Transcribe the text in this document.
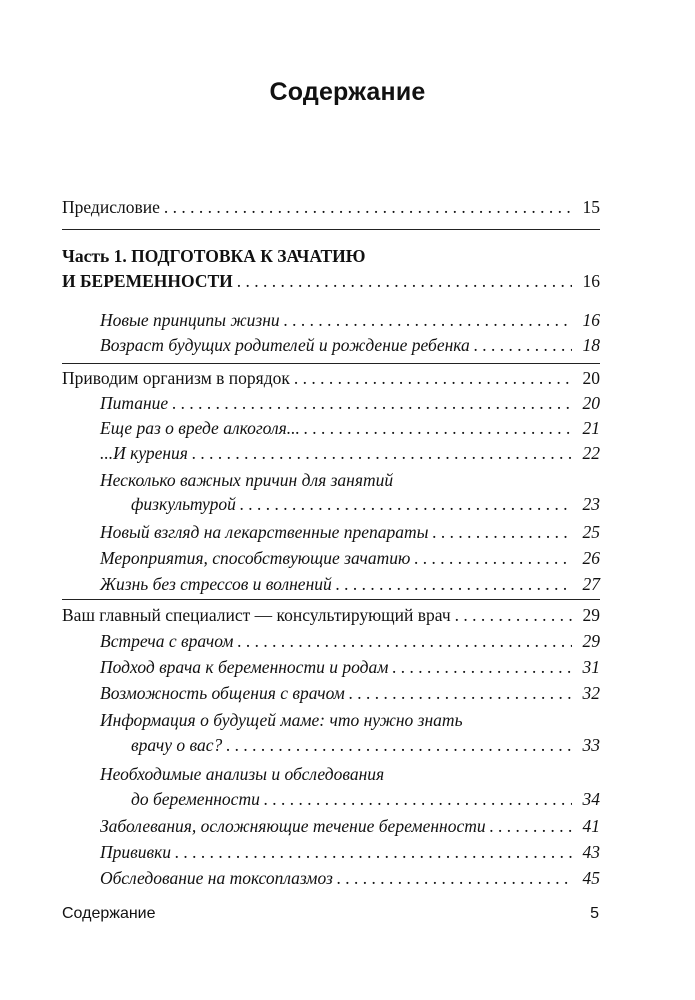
Содержание
Предисловие . . .	15
Часть 1. ПОДГОТОВКА К ЗАЧАТИЮ
И БЕРЕМЕННОСТИ . . .	16
Новые принципы жизни . . .	16
Возраст будущих родителей и рождение ребенка . . .	18
Приводим организм в порядок . . .	20
Питание . . .	20
Еще раз о вреде алкоголя... . . .	21
...И курения . . .	22
Несколько важных причин для занятий
физкультурой . . .	23
Новый взгляд на лекарственные препараты . . .	25
Мероприятия, способствующие зачатию . . .	26
Жизнь без стрессов и волнений . . .	27
Ваш главный специалист — консультирующий врач . . .	29
Встреча с врачом . . .	29
Подход врача к беременности и родам . . .	31
Возможность общения с врачом . . .	32
Информация о будущей маме: что нужно знать
врачу о вас? . . .	33
Необходимые анализы и обследования
до беременности . . .	34
Заболевания, осложняющие течение беременности . . .	41
Прививки . . .	43
Обследование на токсоплазмоз . . .	45
Содержание	5
